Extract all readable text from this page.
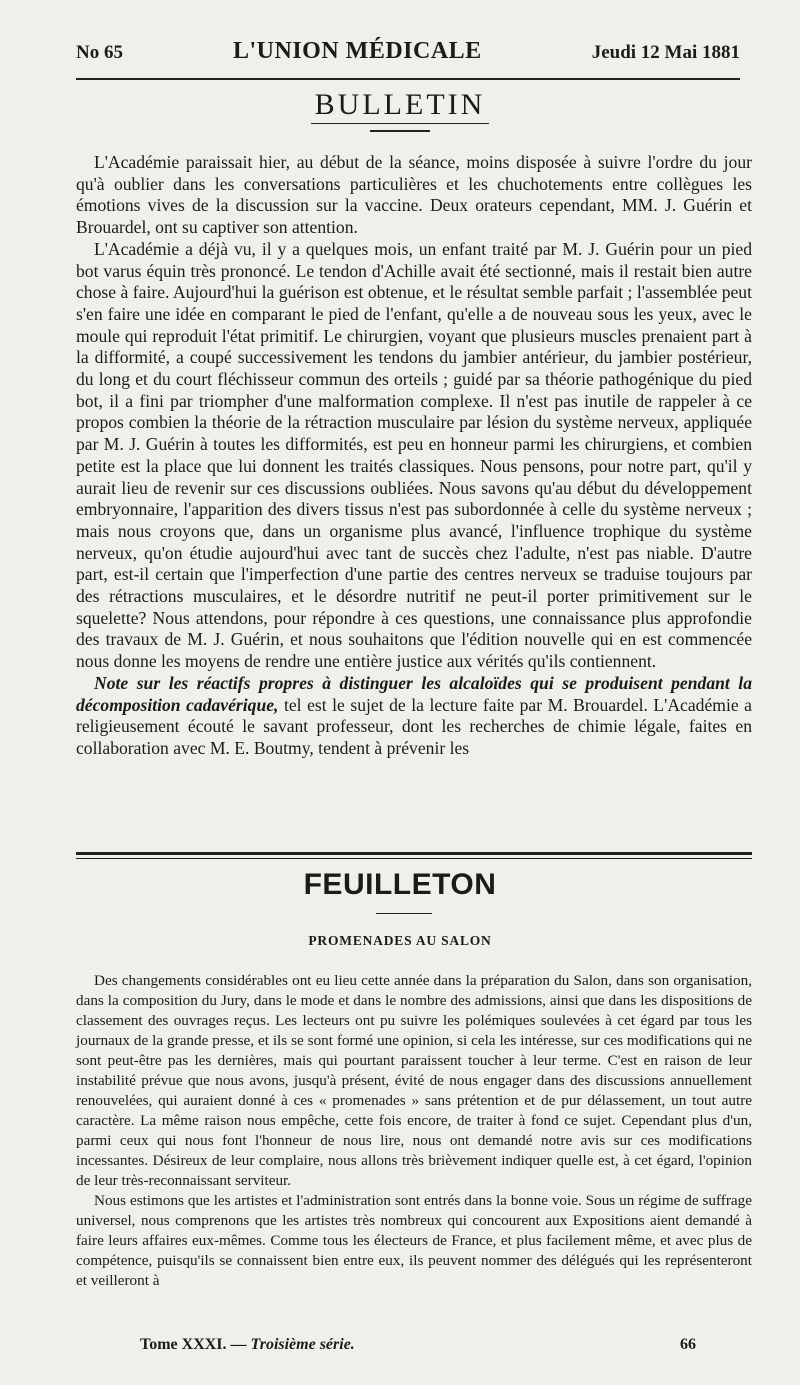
No 65	L'UNION MÉDICALE	Jeudi 12 Mai 1881
BULLETIN

L'Académie paraissait hier, au début de la séance, moins disposée à suivre l'ordre du jour qu'à oublier dans les conversations particulières et les chuchotements entre collègues les émotions vives de la discussion sur la vaccine. Deux orateurs cependant, MM. J. Guérin et Brouardel, ont su captiver son attention.

L'Académie a déjà vu, il y a quelques mois, un enfant traité par M. J. Guérin pour un pied bot varus équin très prononcé. Le tendon d'Achille avait été sectionné, mais il restait bien autre chose à faire. Aujourd'hui la guérison est obtenue, et le résultat semble parfait ; l'assemblée peut s'en faire une idée en comparant le pied de l'enfant, qu'elle a de nouveau sous les yeux, avec le moule qui reproduit l'état primitif. Le chirurgien, voyant que plusieurs muscles prenaient part à la difformité, a coupé successivement les tendons du jambier antérieur, du jambier postérieur, du long et du court fléchisseur commun des orteils ; guidé par sa théorie pathogénique du pied bot, il a fini par triompher d'une malformation complexe. Il n'est pas inutile de rappeler à ce propos combien la théorie de la rétraction musculaire par lésion du système nerveux, appliquée par M. J. Guérin à toutes les difformités, est peu en honneur parmi les chirurgiens, et combien petite est la place que lui donnent les traités classiques. Nous pensons, pour notre part, qu'il y aurait lieu de revenir sur ces discussions oubliées. Nous savons qu'au début du développement embryonnaire, l'apparition des divers tissus n'est pas subordonnée à celle du système nerveux ; mais nous croyons que, dans un organisme plus avancé, l'influence trophique du système nerveux, qu'on étudie aujourd'hui avec tant de succès chez l'adulte, n'est pas niable. D'autre part, est-il certain que l'imperfection d'une partie des centres nerveux se traduise toujours par des rétractions musculaires, et le désordre nutritif ne peut-il porter primitivement sur le squelette? Nous attendons, pour répondre à ces questions, une connaissance plus approfondie des travaux de M. J. Guérin, et nous souhaitons que l'édition nouvelle qui en est commencée nous donne les moyens de rendre une entière justice aux vérités qu'ils contiennent.

Note sur les réactifs propres à distinguer les alcaloïdes qui se produisent pendant la décomposition cadavérique, tel est le sujet de la lecture faite par M. Brouardel. L'Académie a religieusement écouté le savant professeur, dont les recherches de chimie légale, faites en collaboration avec M. E. Boutmy, tendent à prévenir les

FEUILLETON
PROMENADES AU SALON

Des changements considérables ont eu lieu cette année dans la préparation du Salon, dans son organisation, dans la composition du Jury, dans le mode et dans le nombre des admissions, ainsi que dans les dispositions de classement des ouvrages reçus. Les lecteurs ont pu suivre les polémiques soulevées à cet égard par tous les journaux de la grande presse, et ils se sont formé une opinion, si cela les intéresse, sur ces modifications qui ne sont peut-être pas les dernières, mais qui pourtant paraissent toucher à leur terme. C'est en raison de leur instabilité prévue que nous avons, jusqu'à présent, évité de nous engager dans des discussions annuellement renouvelées, qui auraient donné à ces « promenades » sans prétention et de pur délassement, un tout autre caractère. La même raison nous empêche, cette fois encore, de traiter à fond ce sujet. Cependant plus d'un, parmi ceux qui nous font l'honneur de nous lire, nous ont demandé notre avis sur ces modifications incessantes. Désireux de leur complaire, nous allons très brièvement indiquer quelle est, à cet égard, l'opinion de leur très-reconnaissant serviteur.

Nous estimons que les artistes et l'administration sont entrés dans la bonne voie. Sous un régime de suffrage universel, nous comprenons que les artistes très nombreux qui concourent aux Expositions aient demandé à faire leurs affaires eux-mêmes. Comme tous les électeurs de France, et plus facilement même, et avec plus de compétence, puisqu'ils se connaissent bien entre eux, ils peuvent nommer des délégués qui les représenteront et veilleront à

Tome XXXI. — Troisième série.	66
